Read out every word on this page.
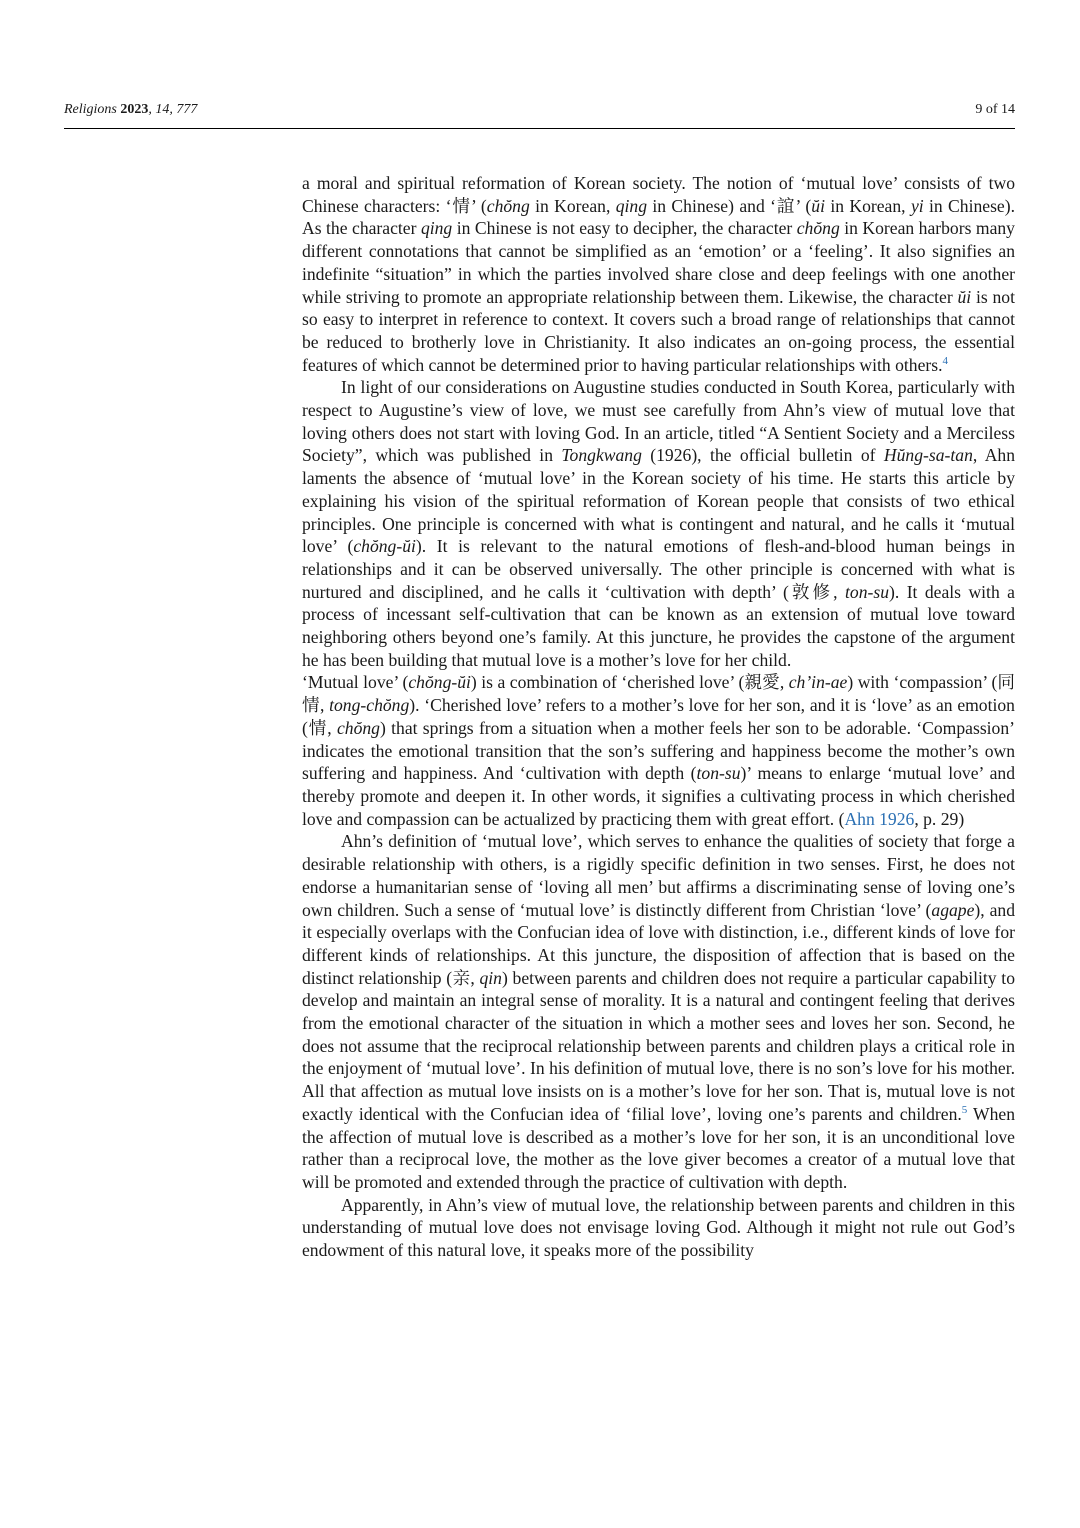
Religions 2023, 14, 777	9 of 14

a moral and spiritual reformation of Korean society. The notion of ‘mutual love’ consists of two Chinese characters: ‘情’ (chŏng in Korean, qing in Chinese) and ‘誼’ (ŭi in Korean, yi in Chinese). As the character qing in Chinese is not easy to decipher, the character chŏng in Korean harbors many different connotations that cannot be simplified as an ‘emotion’ or a ‘feeling’. It also signifies an indefinite “situation” in which the parties involved share close and deep feelings with one another while striving to promote an appropriate relationship between them. Likewise, the character ŭi is not so easy to interpret in reference to context. It covers such a broad range of relationships that cannot be reduced to brotherly love in Christianity. It also indicates an on-going process, the essential features of which cannot be determined prior to having particular relationships with others.$^4$

In light of our considerations on Augustine studies conducted in South Korea, particularly with respect to Augustine’s view of love, we must see carefully from Ahn’s view of mutual love that loving others does not start with loving God. In an article, titled “A Sentient Society and a Merciless Society”, which was published in Tongkwang (1926), the official bulletin of Hŭng-sa-tan, Ahn laments the absence of ‘mutual love’ in the Korean society of his time. He starts this article by explaining his vision of the spiritual reformation of Korean people that consists of two ethical principles. One principle is concerned with what is contingent and natural, and he calls it ‘mutual love’ (chŏng-ŭi). It is relevant to the natural emotions of flesh-and-blood human beings in relationships and it can be observed universally. The other principle is concerned with what is nurtured and disciplined, and he calls it ‘cultivation with depth’ (敦修, ton-su). It deals with a process of incessant self-cultivation that can be known as an extension of mutual love toward neighboring others beyond one’s family. At this juncture, he provides the capstone of the argument he has been building that mutual love is a mother’s love for her child.

‘Mutual love’ (chŏng-ŭi) is a combination of ‘cherished love’ (親愛, ch’in-ae) with ‘compassion’ (同情, tong-chŏng). ‘Cherished love’ refers to a mother’s love for her son, and it is ‘love’ as an emotion (情, chŏng) that springs from a situation when a mother feels her son to be adorable. ‘Compassion’ indicates the emotional transition that the son’s suffering and happiness become the mother’s own suffering and happiness. And ‘cultivation with depth (ton-su)’ means to enlarge ‘mutual love’ and thereby promote and deepen it. In other words, it signifies a cultivating process in which cherished love and compassion can be actualized by practicing them with great effort. (Ahn 1926, p. 29)

Ahn’s definition of ‘mutual love’, which serves to enhance the qualities of society that forge a desirable relationship with others, is a rigidly specific definition in two senses. First, he does not endorse a humanitarian sense of ‘loving all men’ but affirms a discriminating sense of loving one’s own children. Such a sense of ‘mutual love’ is distinctly different from Christian ‘love’ (agape), and it especially overlaps with the Confucian idea of love with distinction, i.e., different kinds of love for different kinds of relationships. At this juncture, the disposition of affection that is based on the distinct relationship (亲, qin) between parents and children does not require a particular capability to develop and maintain an integral sense of morality. It is a natural and contingent feeling that derives from the emotional character of the situation in which a mother sees and loves her son. Second, he does not assume that the reciprocal relationship between parents and children plays a critical role in the enjoyment of ‘mutual love’. In his definition of mutual love, there is no son’s love for his mother. All that affection as mutual love insists on is a mother’s love for her son. That is, mutual love is not exactly identical with the Confucian idea of ‘filial love’, loving one’s parents and children.$^5$ When the affection of mutual love is described as a mother’s love for her son, it is an unconditional love rather than a reciprocal love, the mother as the love giver becomes a creator of a mutual love that will be promoted and extended through the practice of cultivation with depth.

Apparently, in Ahn’s view of mutual love, the relationship between parents and children in this understanding of mutual love does not envisage loving God. Although it might not rule out God’s endowment of this natural love, it speaks more of the possibility
